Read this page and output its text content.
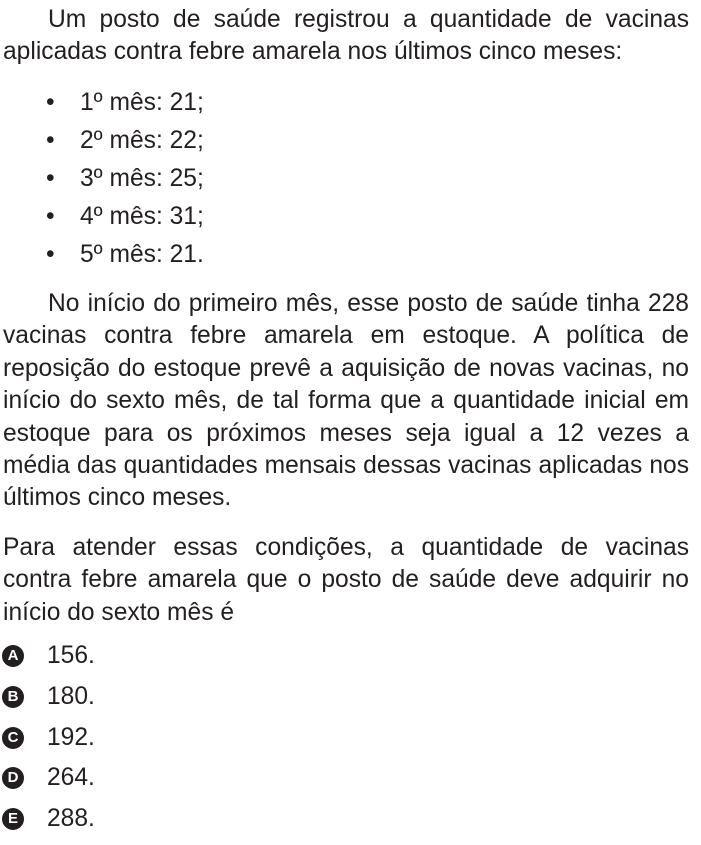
Um posto de saúde registrou a quantidade de vacinas aplicadas contra febre amarela nos últimos cinco meses:

• 1º mês: 21;
• 2º mês: 22;
• 3º mês: 25;
• 4º mês: 31;
• 5º mês: 21.

No início do primeiro mês, esse posto de saúde tinha 228 vacinas contra febre amarela em estoque. A política de reposição do estoque prevê a aquisição de novas vacinas, no início do sexto mês, de tal forma que a quantidade inicial em estoque para os próximos meses seja igual a 12 vezes a média das quantidades mensais dessas vacinas aplicadas nos últimos cinco meses.

Para atender essas condições, a quantidade de vacinas contra febre amarela que o posto de saúde deve adquirir no início do sexto mês é

A 156.
B 180.
C 192.
D 264.
E 288.
